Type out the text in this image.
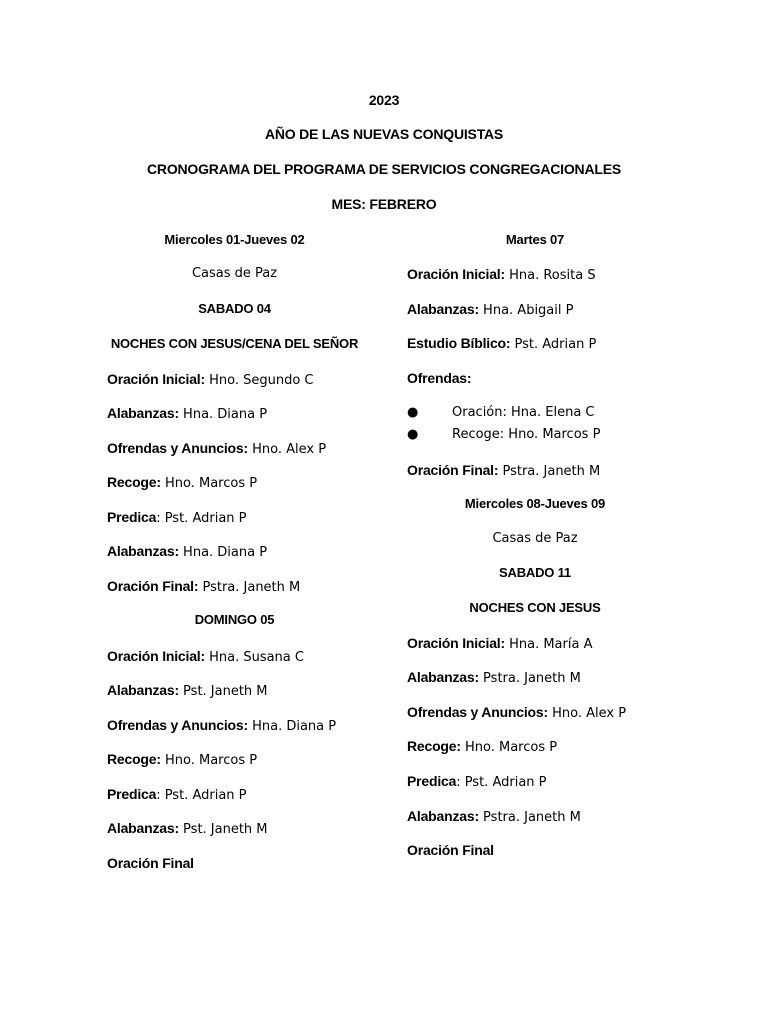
2023
AÑO DE LAS NUEVAS CONQUISTAS
CRONOGRAMA DEL PROGRAMA DE SERVICIOS CONGREGACIONALES
MES: FEBRERO
Miercoles 01-Jueves 02
Casas de Paz
SABADO 04
NOCHES CON JESUS/CENA DEL SEÑOR
Oración Inicial: Hno. Segundo C
Alabanzas: Hna. Diana P
Ofrendas y Anuncios: Hno. Alex P
Recoge: Hno. Marcos P
Predica: Pst. Adrian P
Alabanzas: Hna. Diana P
Oración Final: Pstra. Janeth M
DOMINGO 05
Oración Inicial: Hna. Susana C
Alabanzas: Pst. Janeth M
Ofrendas y Anuncios: Hna. Diana P
Recoge: Hno. Marcos P
Predica: Pst. Adrian P
Alabanzas: Pst. Janeth M
Oración Final
Martes 07
Oración Inicial: Hna. Rosita S
Alabanzas: Hna. Abigail P
Estudio Bíblico: Pst. Adrian P
Ofrendas:
●	Oración: Hna. Elena C
●	Recoge: Hno. Marcos P
Oración Final: Pstra. Janeth M
Miercoles 08-Jueves 09
Casas de Paz
SABADO 11
NOCHES CON JESUS
Oración Inicial: Hna. María A
Alabanzas: Pstra. Janeth M
Ofrendas y Anuncios: Hno. Alex P
Recoge: Hno. Marcos P
Predica: Pst. Adrian P
Alabanzas: Pstra. Janeth M
Oración Final
